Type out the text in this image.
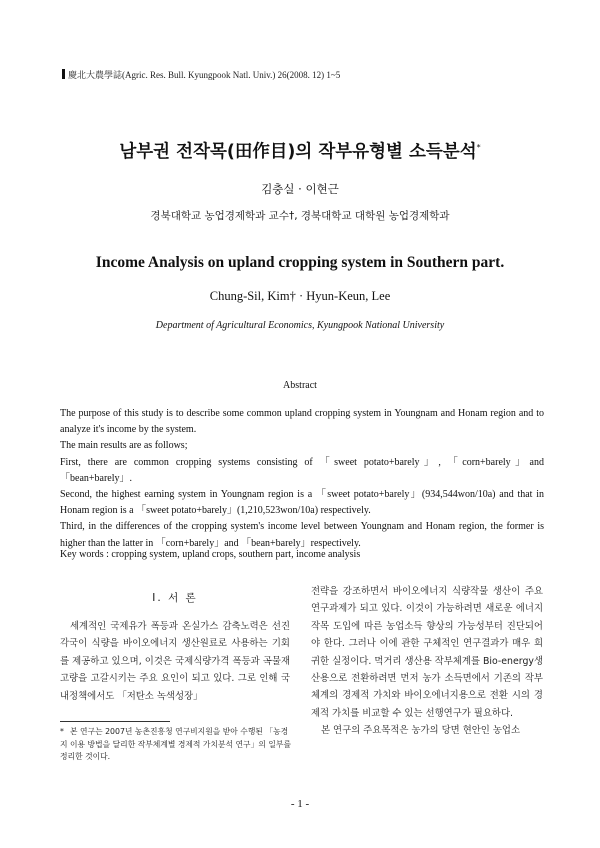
慶北大農學誌(Agric. Res. Bull. Kyungpook Natl. Univ.) 26(2008. 12) 1~5
남부권 전작목(田作目)의 작부유형별 소득분석*
김충실 · 이현근
경북대학교 농업경제학과 교수†, 경북대학교 대학원 농업경제학과
Income Analysis on upland cropping system in Southern part.
Chung-Sil, Kim† · Hyun-Keun, Lee
Department of Agricultural Economics, Kyungpook National University
Abstract

The purpose of this study is to describe some common upland cropping system in Youngnam and Honam region and to analyze it's income by the system.

The main results are as follows;

First, there are common cropping systems consisting of 「sweet potato+barely」, 「corn+barely」and 「bean+barely」.

Second, the highest earning system in Youngnam region is a 「sweet potato+barely」(934,544won/10a) and that in Honam region is a 「sweet potato+barely」(1,210,523won/10a) respectively.

Third, in the differences of the cropping system's income level between Youngnam and Honam region, the former is higher than the latter in 「corn+barely」and 「bean+barely」respectively.

Key words : cropping system, upland crops, southern part, income analysis
Ⅰ. 서 론

세계적인 국제유가 폭등과 온실가스 감축노력은 선진각국이 식량을 바이오에너지 생산원료로 사용하는 기회를 제공하고 있으며, 이것은 국제식량가격 폭등과 곡물재고량을 고갈시키는 주요 요인이 되고 있다. 그로 인해 국내정책에서도 「저탄소 녹색성장」

전략을 강조하면서 바이오에너지 식량작물 생산이 주요 연구과제가 되고 있다. 이것이 가능하려면 새로운 에너지 작목 도입에 따른 농업소득 향상의 가능성부터 진단되어야 한다. 그러나 이에 관한 구체적인 연구결과가 매우 희귀한 실정이다. 먹거리 생산용 작부체계를 Bio-energy생산용으로 전환하려면 먼저 농가 소득면에서 기존의 작부체계의 경제적 가치와 바이오에너지용으로 전환 시의 경제적 가치를 비교할 수 있는 선행연구가 필요하다.

본 연구의 주요목적은 농가의 당면 현안인 농업소

* 본 연구는 2007년 농촌진흥청 연구비지원을 받아 수행된 「농경지 이용 방법을 달리한 작부체계별 경제적 가치분석 연구」의 일부를 정리한 것이다.
- 1 -
